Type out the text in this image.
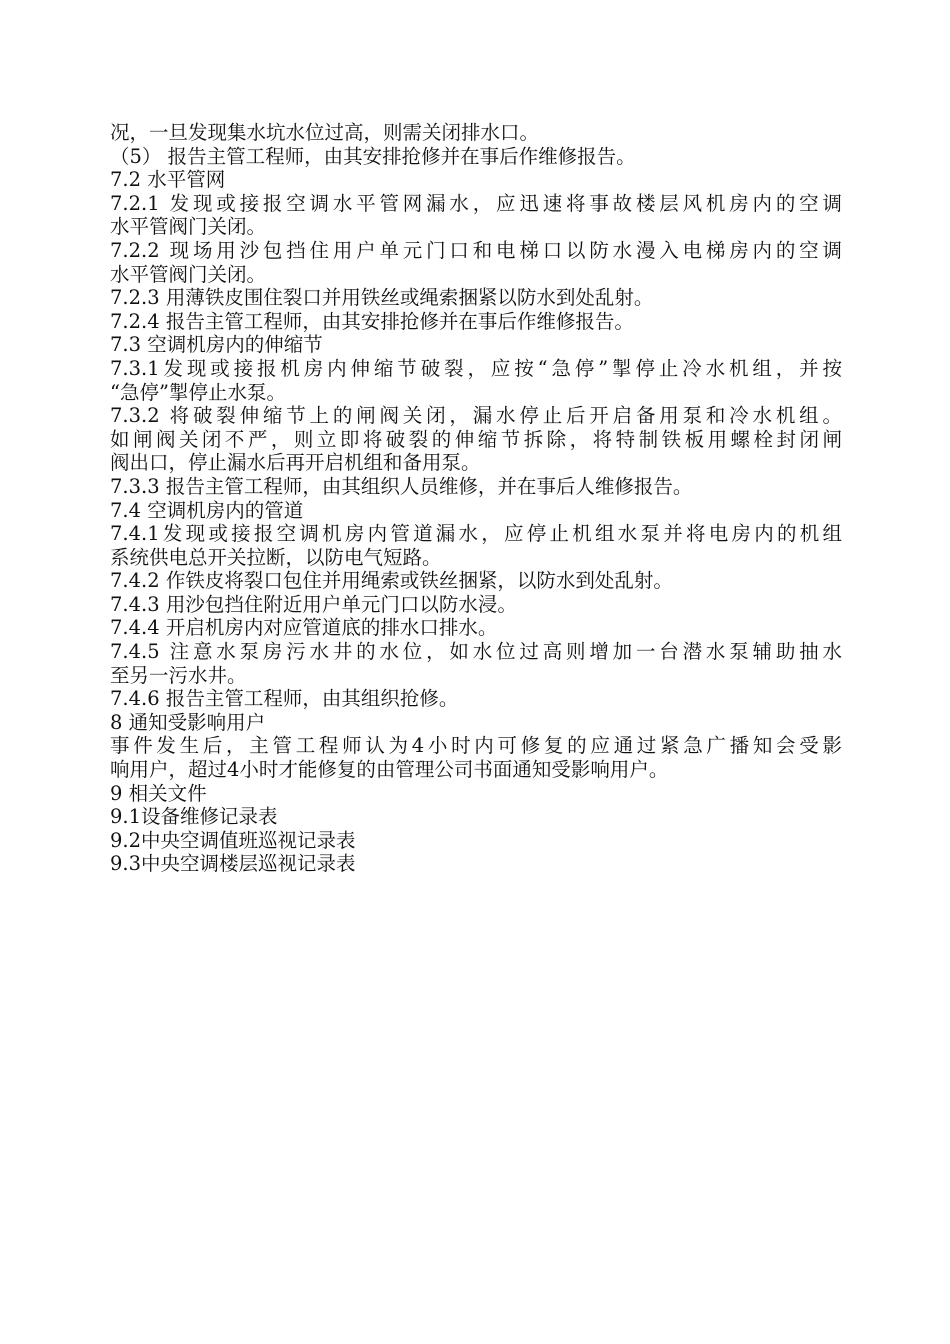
况，一旦发现集水坑水位过高，则需关闭排水口。
（5） 报告主管工程师，由其安排抢修并在事后作维修报告。
7.2 水平管网
7.2.1 发现或接报空调水平管网漏水，应迅速将事故楼层风机房内的空调
水平管阀门关闭。
7.2.2 现场用沙包挡住用户单元门口和电梯口以防水漫入电梯房内的空调
水平管阀门关闭。
7.2.3 用薄铁皮围住裂口并用铁丝或绳索捆紧以防水到处乱射。
7.2.4 报告主管工程师，由其安排抢修并在事后作维修报告。
7.3 空调机房内的伸缩节
7.3.1发现或接报机房内伸缩节破裂，应按“急停”掣停止冷水机组，并按
“急停”掣停止水泵。
7.3.2 将破裂伸缩节上的闸阀关闭，漏水停止后开启备用泵和冷水机组。
如闸阀关闭不严，则立即将破裂的伸缩节拆除，将特制铁板用螺栓封闭闸
阀出口，停止漏水后再开启机组和备用泵。
7.3.3 报告主管工程师，由其组织人员维修，并在事后人维修报告。
7.4 空调机房内的管道
7.4.1发现或接报空调机房内管道漏水，应停止机组水泵并将电房内的机组
系统供电总开关拉断，以防电气短路。
7.4.2 作铁皮将裂口包住并用绳索或铁丝捆紧，以防水到处乱射。
7.4.3 用沙包挡住附近用户单元门口以防水浸。
7.4.4 开启机房内对应管道底的排水口排水。
7.4.5 注意水泵房污水井的水位，如水位过高则增加一台潜水泵辅助抽水
至另一污水井。
7.4.6 报告主管工程师，由其组织抢修。
8 通知受影响用户
事件发生后，主管工程师认为4小时内可修复的应通过紧急广播知会受影
响用户，超过4小时才能修复的由管理公司书面通知受影响用户。
9 相关文件
9.1设备维修记录表
9.2中央空调值班巡视记录表
9.3中央空调楼层巡视记录表
